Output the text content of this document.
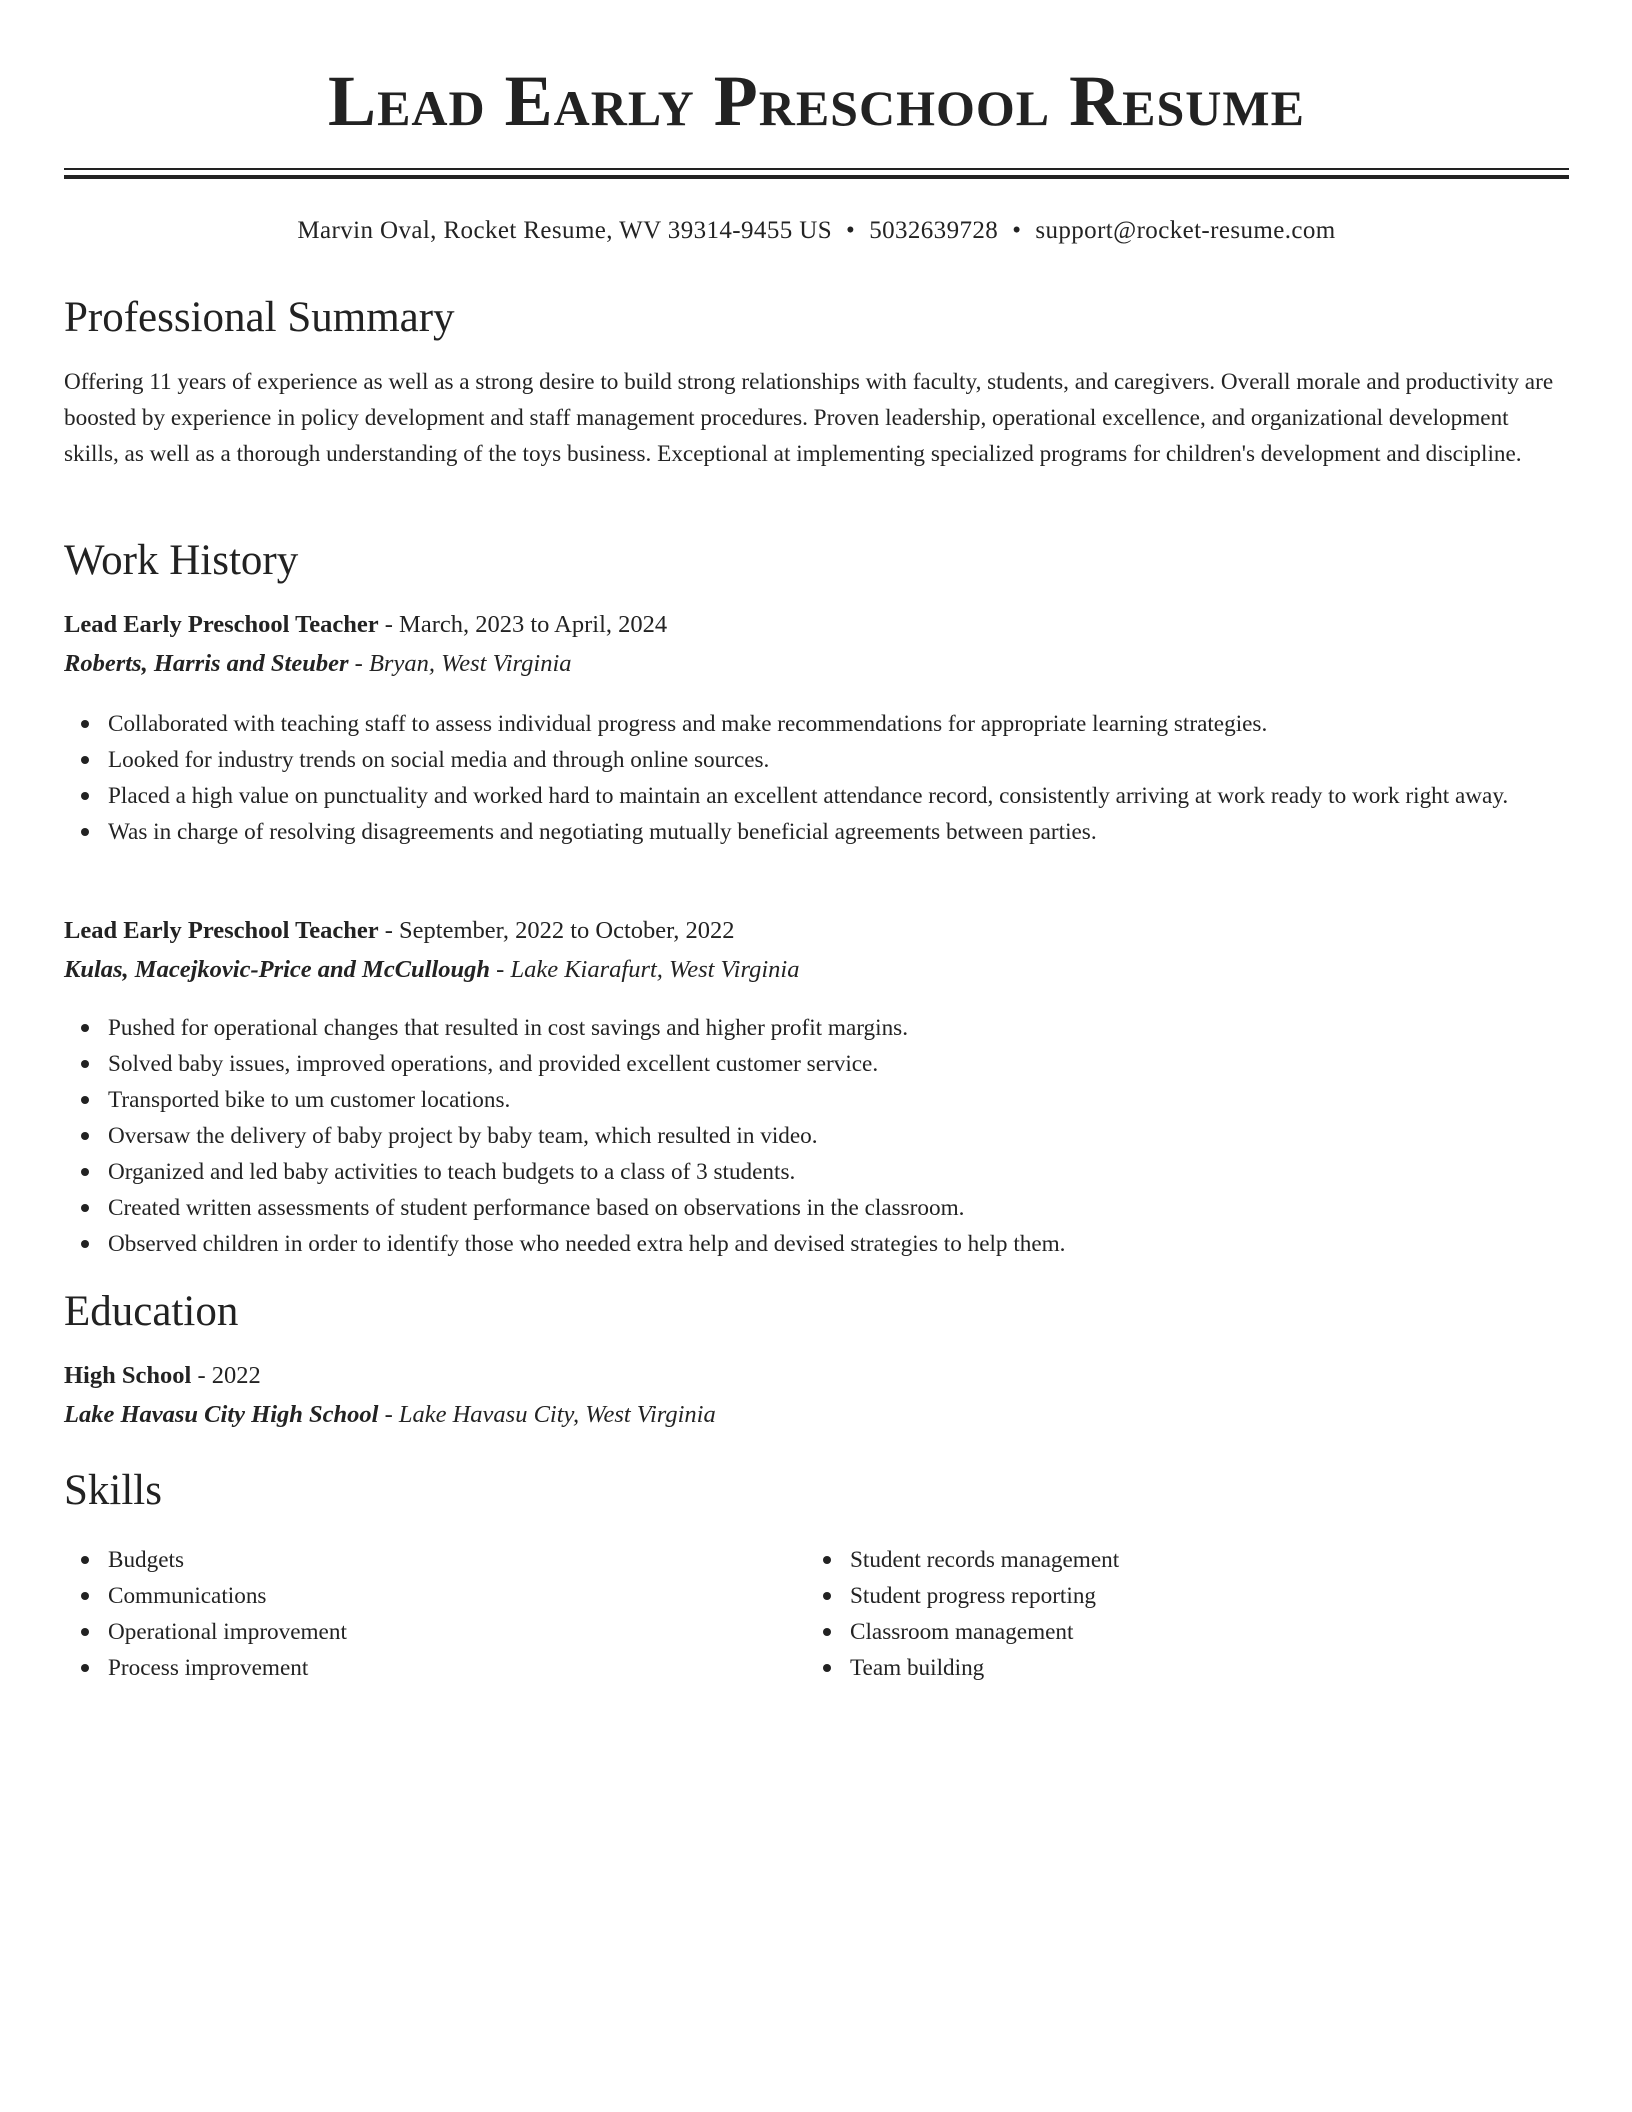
Lead Early Preschool Resume
Marvin Oval, Rocket Resume, WV 39314-9455 US • 5032639728 • support@rocket-resume.com
Professional Summary
Offering 11 years of experience as well as a strong desire to build strong relationships with faculty, students, and caregivers. Overall morale and productivity are boosted by experience in policy development and staff management procedures. Proven leadership, operational excellence, and organizational development skills, as well as a thorough understanding of the toys business. Exceptional at implementing specialized programs for children's development and discipline.
Work History
Lead Early Preschool Teacher - March, 2023 to April, 2024
Roberts, Harris and Steuber - Bryan, West Virginia
Collaborated with teaching staff to assess individual progress and make recommendations for appropriate learning strategies.
Looked for industry trends on social media and through online sources.
Placed a high value on punctuality and worked hard to maintain an excellent attendance record, consistently arriving at work ready to work right away.
Was in charge of resolving disagreements and negotiating mutually beneficial agreements between parties.
Lead Early Preschool Teacher - September, 2022 to October, 2022
Kulas, Macejkovic-Price and McCullough - Lake Kiarafurt, West Virginia
Pushed for operational changes that resulted in cost savings and higher profit margins.
Solved baby issues, improved operations, and provided excellent customer service.
Transported bike to um customer locations.
Oversaw the delivery of baby project by baby team, which resulted in video.
Organized and led baby activities to teach budgets to a class of 3 students.
Created written assessments of student performance based on observations in the classroom.
Observed children in order to identify those who needed extra help and devised strategies to help them.
Education
High School - 2022
Lake Havasu City High School - Lake Havasu City, West Virginia
Skills
Budgets
Communications
Operational improvement
Process improvement
Student records management
Student progress reporting
Classroom management
Team building
